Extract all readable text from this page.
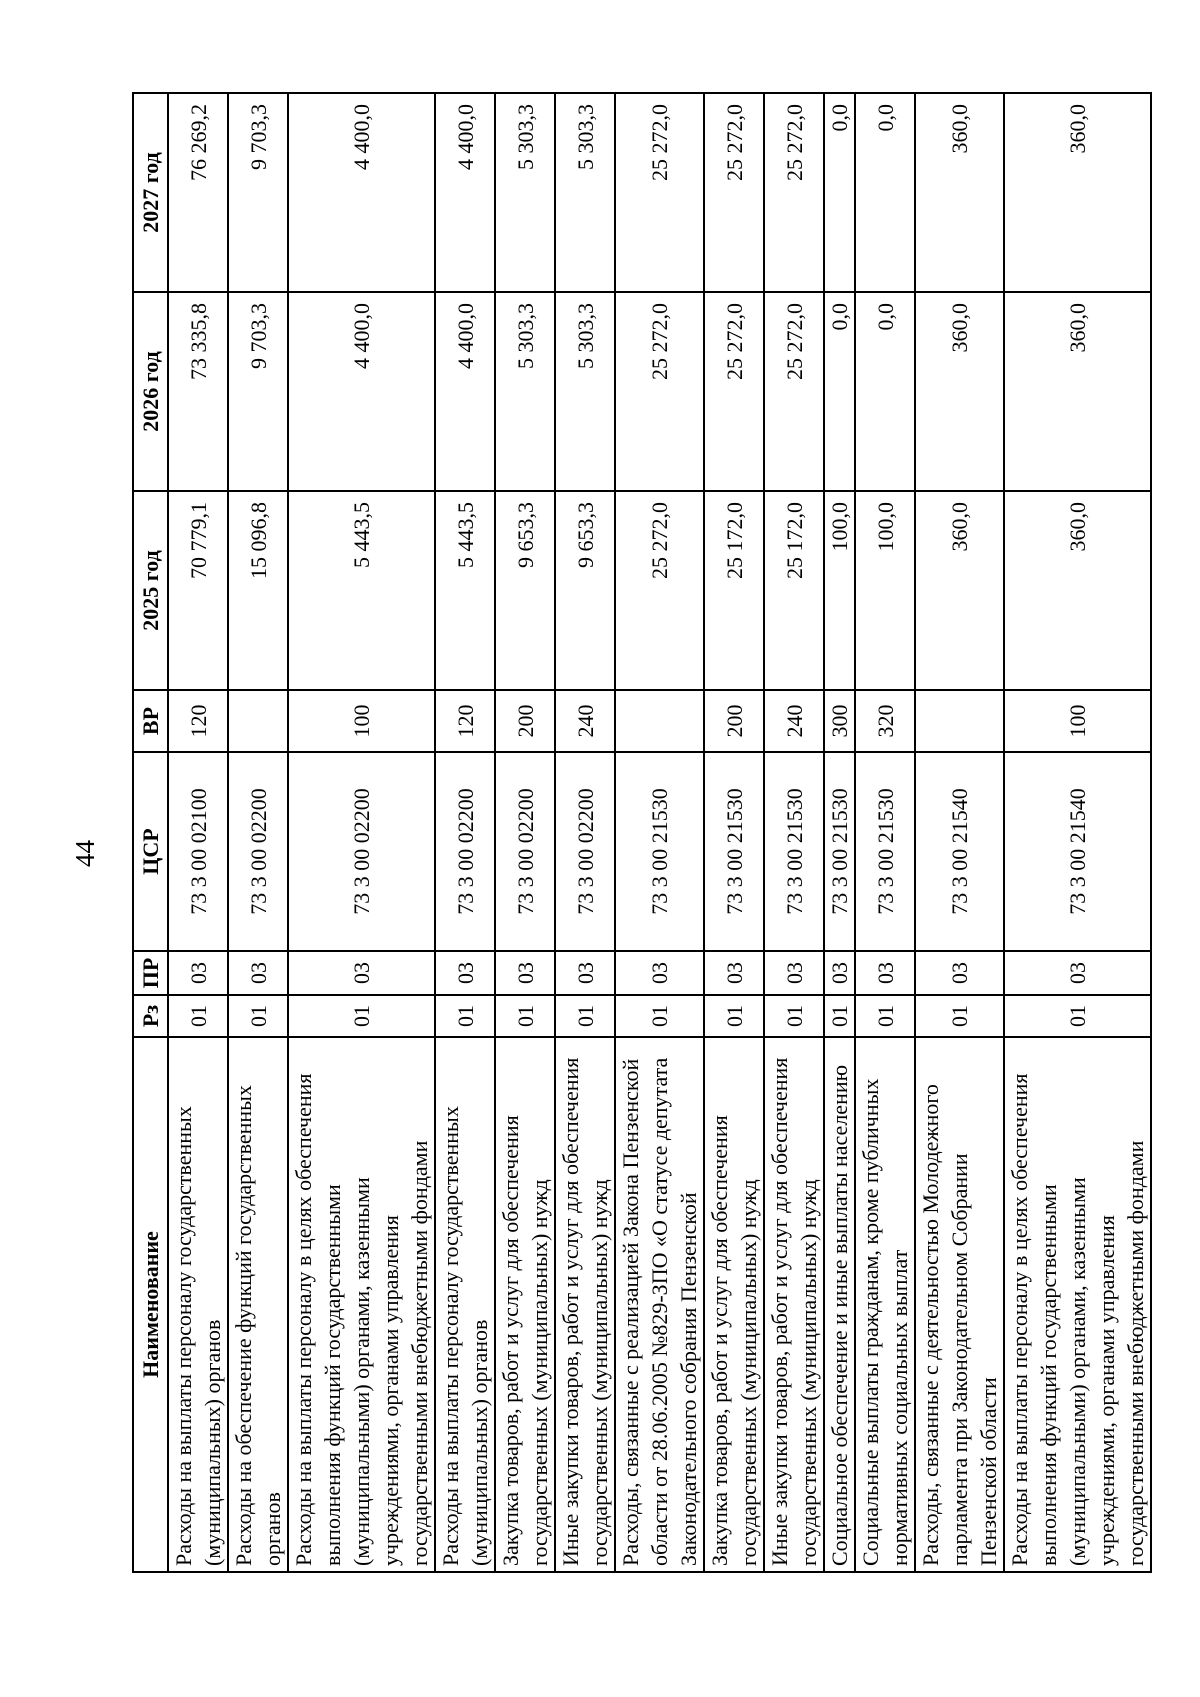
44
Наименование	Рз	ПР	ЦСР	ВР	2025 год	2026 год	2027 год
Расходы на выплаты персоналу государственных (муниципальных) органов	01	03	73 3 00 02100	120	70 779,1	73 335,8	76 269,2
Расходы на обеспечение функций государственных органов	01	03	73 3 00 02200		15 096,8	9 703,3	9 703,3
Расходы на выплаты персоналу в целях обеспечения выполнения функций государственными (муниципальными) органами, казенными учреждениями, органами управления государственными внебюджетными фондами	01	03	73 3 00 02200	100	5 443,5	4 400,0	4 400,0
Расходы на выплаты персоналу государственных (муниципальных) органов	01	03	73 3 00 02200	120	5 443,5	4 400,0	4 400,0
Закупка товаров, работ и услуг для обеспечения государственных (муниципальных) нужд	01	03	73 3 00 02200	200	9 653,3	5 303,3	5 303,3
Иные закупки товаров, работ и услуг для обеспечения государственных (муниципальных) нужд	01	03	73 3 00 02200	240	9 653,3	5 303,3	5 303,3
Расходы, связанные с реализацией Закона Пензенской области от 28.06.2005 №829-ЗПО «О статусе депутата Законодательного собрания Пензенской	01	03	73 3 00 21530		25 272,0	25 272,0	25 272,0
Закупка товаров, работ и услуг для обеспечения государственных (муниципальных) нужд	01	03	73 3 00 21530	200	25 172,0	25 272,0	25 272,0
Иные закупки товаров, работ и услуг для обеспечения государственных (муниципальных) нужд	01	03	73 3 00 21530	240	25 172,0	25 272,0	25 272,0
Социальное обеспечение и иные выплаты населению	01	03	73 3 00 21530	300	100,0	0,0	0,0
Социальные выплаты гражданам, кроме публичных нормативных социальных выплат	01	03	73 3 00 21530	320	100,0	0,0	0,0
Расходы, связанные с деятельностью Молодежного парламента при Законодательном Собрании Пензенской области	01	03	73 3 00 21540		360,0	360,0	360,0
Расходы на выплаты персоналу в целях обеспечения выполнения функций государственными (муниципальными) органами, казенными учреждениями, органами управления государственными внебюджетными фондами	01	03	73 3 00 21540	100	360,0	360,0	360,0
